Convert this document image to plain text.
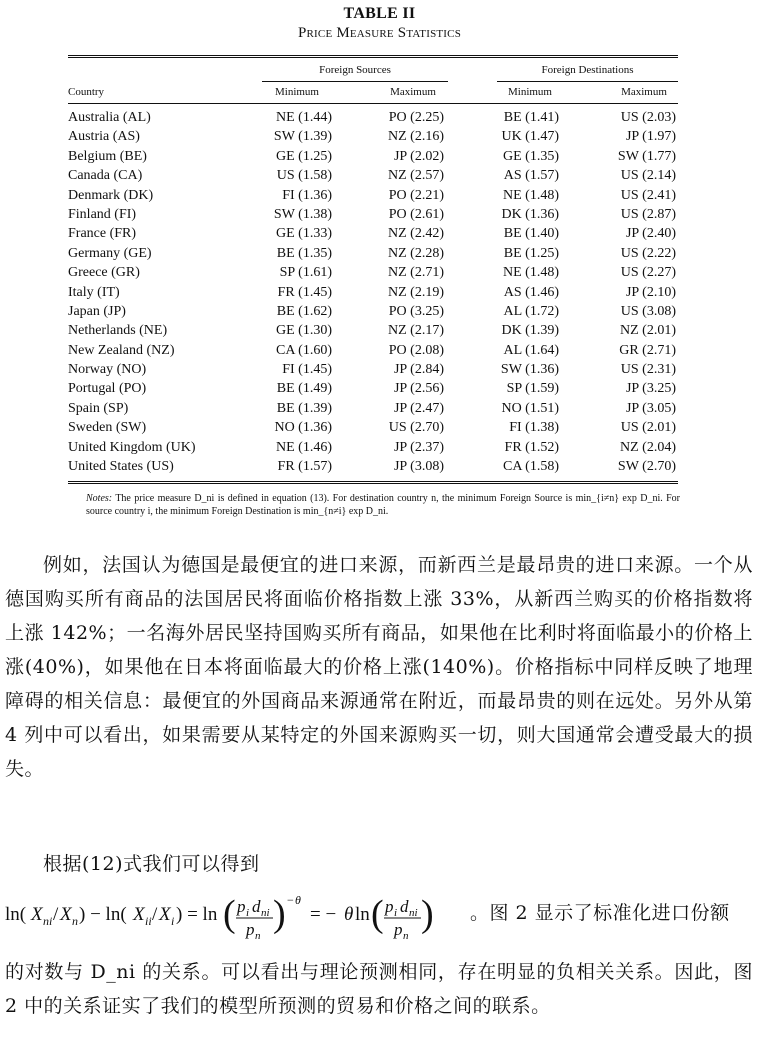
TABLE II
Price Measure Statistics
Foreign Sources	Foreign Destinations
Country	Minimum	Maximum	Minimum	Maximum
Australia (AL)	NE (1.44)	PO (2.25)	BE (1.41)	US (2.03)
Austria (AS)	SW (1.39)	NZ (2.16)	UK (1.47)	JP (1.97)
Belgium (BE)	GE (1.25)	JP (2.02)	GE (1.35)	SW (1.77)
Canada (CA)	US (1.58)	NZ (2.57)	AS (1.57)	US (2.14)
Denmark (DK)	FI (1.36)	PO (2.21)	NE (1.48)	US (2.41)
Finland (FI)	SW (1.38)	PO (2.61)	DK (1.36)	US (2.87)
France (FR)	GE (1.33)	NZ (2.42)	BE (1.40)	JP (2.40)
Germany (GE)	BE (1.35)	NZ (2.28)	BE (1.25)	US (2.22)
Greece (GR)	SP (1.61)	NZ (2.71)	NE (1.48)	US (2.27)
Italy (IT)	FR (1.45)	NZ (2.19)	AS (1.46)	JP (2.10)
Japan (JP)	BE (1.62)	PO (3.25)	AL (1.72)	US (3.08)
Netherlands (NE)	GE (1.30)	NZ (2.17)	DK (1.39)	NZ (2.01)
New Zealand (NZ)	CA (1.60)	PO (2.08)	AL (1.64)	GR (2.71)
Norway (NO)	FI (1.45)	JP (2.84)	SW (1.36)	US (2.31)
Portugal (PO)	BE (1.49)	JP (2.56)	SP (1.59)	JP (3.25)
Spain (SP)	BE (1.39)	JP (2.47)	NO (1.51)	JP (3.05)
Sweden (SW)	NO (1.36)	US (2.70)	FI (1.38)	US (2.01)
United Kingdom (UK)	NE (1.46)	JP (2.37)	FR (1.52)	NZ (2.04)
United States (US)	FR (1.57)	JP (3.08)	CA (1.58)	SW (2.70)
Notes: The price measure D_ni is defined in equation (13). For destination country n, the minimum Foreign Source is min_{i≠n} exp D_ni. For source country i, the minimum Foreign Destination is min_{n≠i} exp D_ni.
例如，法国认为德国是最便宜的进口来源，而新西兰是最昂贵的进口来源。一个从德国购买所有商品的法国居民将面临价格指数上涨 33%，从新西兰购买的价格指数将上涨 142%；一名海外居民坚持国购买所有商品，如果他在比利时将面临最小的价格上涨(40%)，如果他在日本将面临最大的价格上涨(140%)。价格指标中同样反映了地理障碍的相关信息：最便宜的外国商品来源通常在附近，而最昂贵的则在远处。另外从第 4 列中可以看出，如果需要从某特定的外国来源购买一切，则大国通常会遭受最大的损失。
根据(12)式我们可以得到
ln( X ni / X n ) − ln( X ii / X i ) = ln ( p i d ni
p n
) − θ
= − θ ln ( p i d ni
p n
) 。图 2 显示了标准化进口份额
的对数与 D_ni 的关系。可以看出与理论预测相同，存在明显的负相关关系。因此，图 2 中的关系证实了我们的模型所预测的贸易和价格之间的联系。
